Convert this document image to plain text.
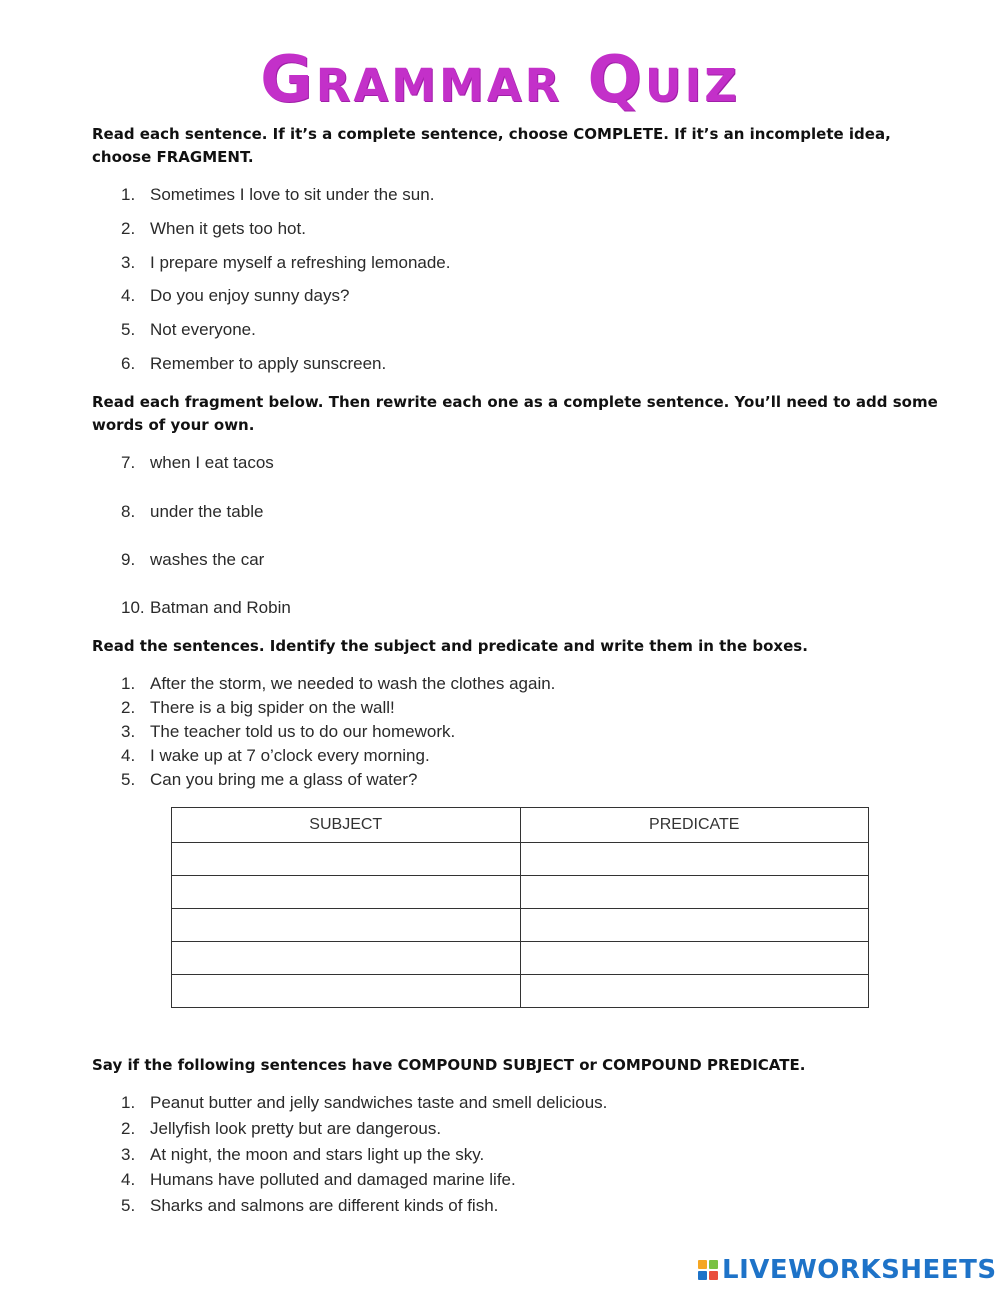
Grammar Quiz
Read each sentence. If it’s a complete sentence, choose COMPLETE. If it’s an incomplete idea, choose FRAGMENT.
1. Sometimes I love to sit under the sun.
2. When it gets too hot.
3. I prepare myself a refreshing lemonade.
4. Do you enjoy sunny days?
5. Not everyone.
6. Remember to apply sunscreen.
Read each fragment below. Then rewrite each one as a complete sentence. You’ll need to add some words of your own.
7. when I eat tacos
8. under the table
9. washes the car
10. Batman and Robin
Read the sentences. Identify the subject and predicate and write them in the boxes.
1. After the storm, we needed to wash the clothes again.
2. There is a big spider on the wall!
3. The teacher told us to do our homework.
4. I wake up at 7 o’clock every morning.
5. Can you bring me a glass of water?
SUBJECT	PREDICATE

Say if the following sentences have COMPOUND SUBJECT or COMPOUND PREDICATE.
1. Peanut butter and jelly sandwiches taste and smell delicious.
2. Jellyfish look pretty but are dangerous.
3. At night, the moon and stars light up the sky.
4. Humans have polluted and damaged marine life.
5. Sharks and salmons are different kinds of fish.
LIVEWORKSHEETS
